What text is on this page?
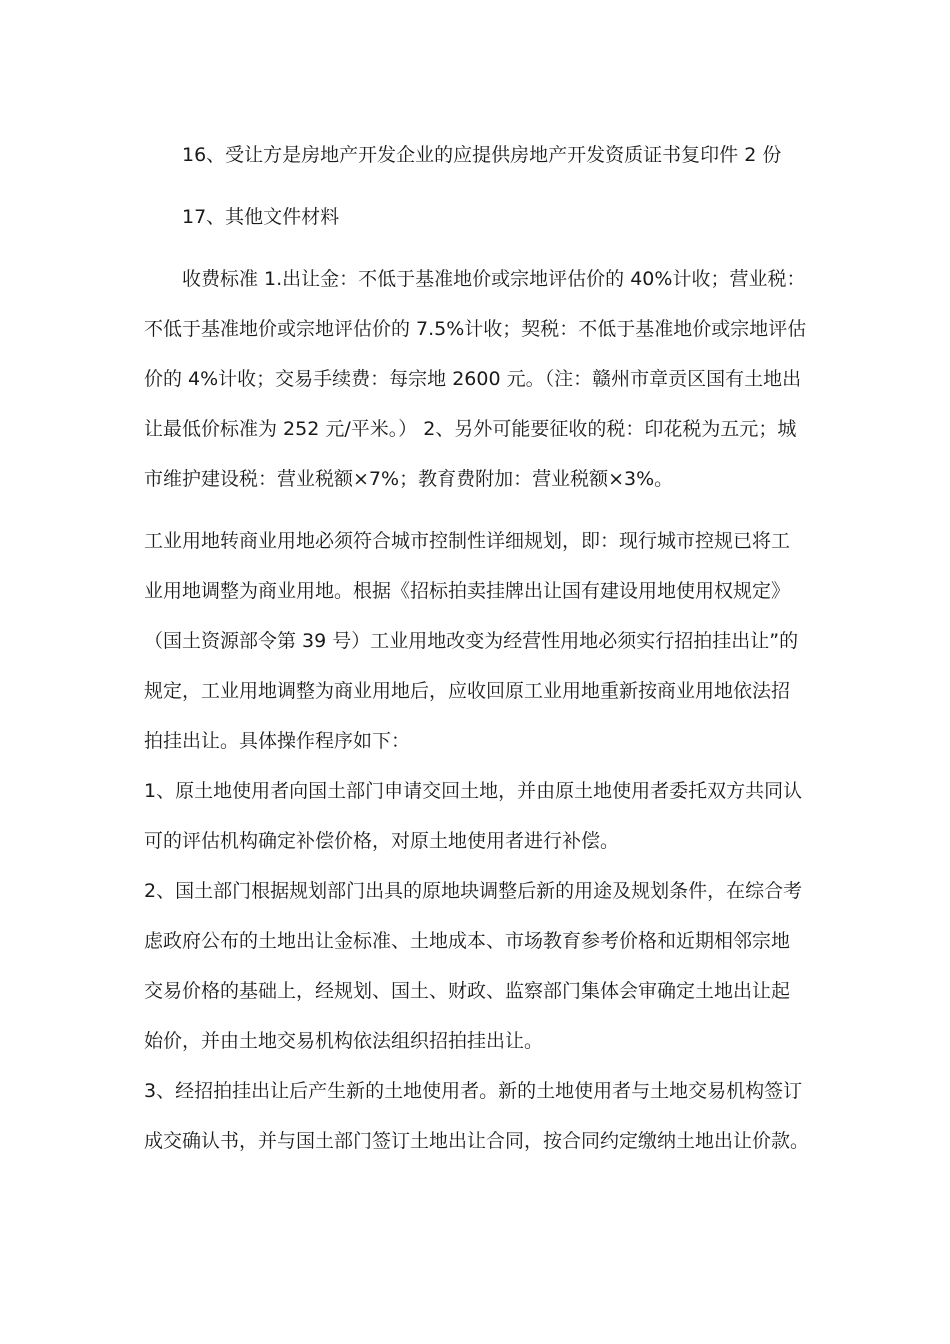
16、受让方是房地产开发企业的应提供房地产开发资质证书复印件 2 份
17、其他文件材料
收费标准 1.出让金：不低于基准地价或宗地评估价的 40%计收；营业税：
不低于基准地价或宗地评估价的 7.5%计收；契税：不低于基准地价或宗地评估
价的 4%计收；交易手续费：每宗地 2600 元。（注：赣州市章贡区国有土地出
让最低价标准为 252 元/平米。） 2、另外可能要征收的税：印花税为五元；城
市维护建设税：营业税额×7%；教育费附加：营业税额×3%。
工业用地转商业用地必须符合城市控制性详细规划，即：现行城市控规已将工
业用地调整为商业用地。根据《招标拍卖挂牌出让国有建设用地使用权规定》
（国土资源部令第 39 号）工业用地改变为经营性用地必须实行招拍挂出让”的
规定，工业用地调整为商业用地后，应收回原工业用地重新按商业用地依法招
拍挂出让。具体操作程序如下：
1、原土地使用者向国土部门申请交回土地，并由原土地使用者委托双方共同认
可的评估机构确定补偿价格，对原土地使用者进行补偿。
2、国土部门根据规划部门出具的原地块调整后新的用途及规划条件，在综合考
虑政府公布的土地出让金标准、土地成本、市场教育参考价格和近期相邻宗地
交易价格的基础上，经规划、国土、财政、监察部门集体会审确定土地出让起
始价，并由土地交易机构依法组织招拍挂出让。
3、经招拍挂出让后产生新的土地使用者。新的土地使用者与土地交易机构签订
成交确认书，并与国土部门签订土地出让合同，按合同约定缴纳土地出让价款。
